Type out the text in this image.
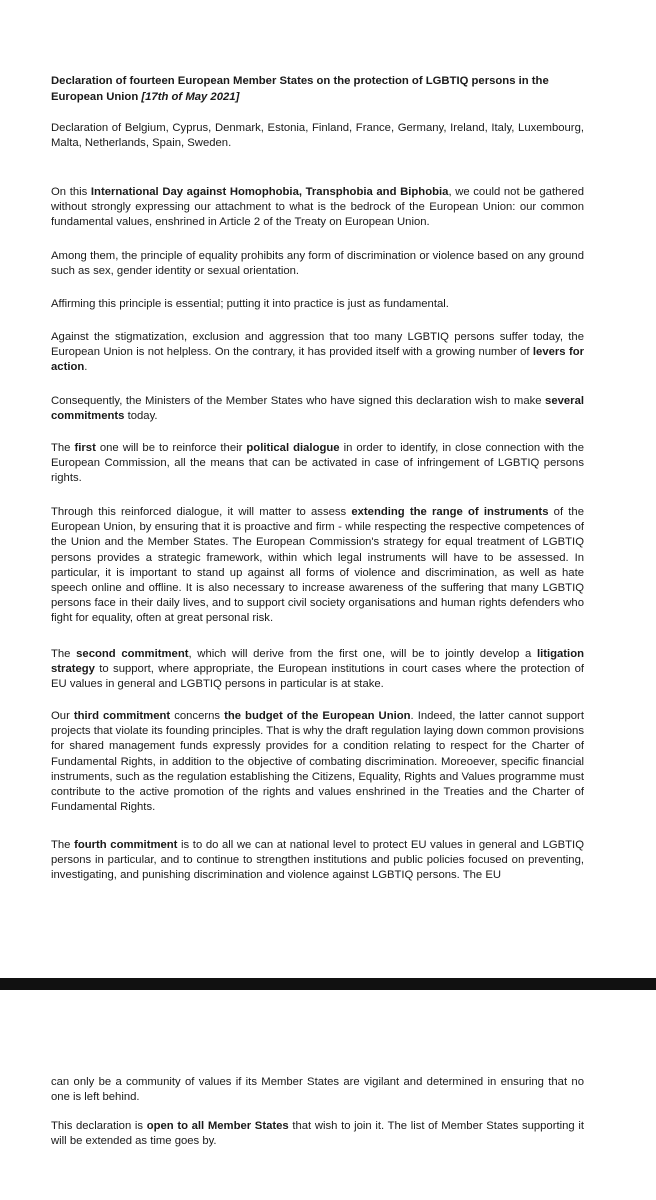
Declaration of fourteen European Member States on the protection of LGBTIQ persons in the European Union [17th of May 2021]

Declaration of Belgium, Cyprus, Denmark, Estonia, Finland, France, Germany, Ireland, Italy, Luxembourg, Malta, Netherlands, Spain, Sweden.

On this International Day against Homophobia, Transphobia and Biphobia, we could not be gathered without strongly expressing our attachment to what is the bedrock of the European Union: our common fundamental values, enshrined in Article 2 of the Treaty on European Union.

Among them, the principle of equality prohibits any form of discrimination or violence based on any ground such as sex, gender identity or sexual orientation.

Affirming this principle is essential; putting it into practice is just as fundamental.

Against the stigmatization, exclusion and aggression that too many LGBTIQ persons suffer today, the European Union is not helpless. On the contrary, it has provided itself with a growing number of levers for action.

Consequently, the Ministers of the Member States who have signed this declaration wish to make several commitments today.

The first one will be to reinforce their political dialogue in order to identify, in close connection with the European Commission, all the means that can be activated in case of infringement of LGBTIQ persons rights.

Through this reinforced dialogue, it will matter to assess extending the range of instruments of the European Union, by ensuring that it is proactive and firm - while respecting the respective competences of the Union and the Member States. The European Commission's strategy for equal treatment of LGBTIQ persons provides a strategic framework, within which legal instruments will have to be assessed. In particular, it is important to stand up against all forms of violence and discrimination, as well as hate speech online and offline. It is also necessary to increase awareness of the suffering that many LGBTIQ persons face in their daily lives, and to support civil society organisations and human rights defenders who fight for equality, often at great personal risk.

The second commitment, which will derive from the first one, will be to jointly develop a litigation strategy to support, where appropriate, the European institutions in court cases where the protection of EU values in general and LGBTIQ persons in particular is at stake.

Our third commitment concerns the budget of the European Union. Indeed, the latter cannot support projects that violate its founding principles. That is why the draft regulation laying down common provisions for shared management funds expressly provides for a condition relating to respect for the Charter of Fundamental Rights, in addition to the objective of combating discrimination. Moreoever, specific financial instruments, such as the regulation establishing the Citizens, Equality, Rights and Values programme must contribute to the active promotion of the rights and values enshrined in the Treaties and the Charter of Fundamental Rights.

The fourth commitment is to do all we can at national level to protect EU values in general and LGBTIQ persons in particular, and to continue to strengthen institutions and public policies focused on preventing, investigating, and punishing discrimination and violence against LGBTIQ persons. The EU

can only be a community of values if its Member States are vigilant and determined in ensuring that no one is left behind.

This declaration is open to all Member States that wish to join it. The list of Member States supporting it will be extended as time goes by.
